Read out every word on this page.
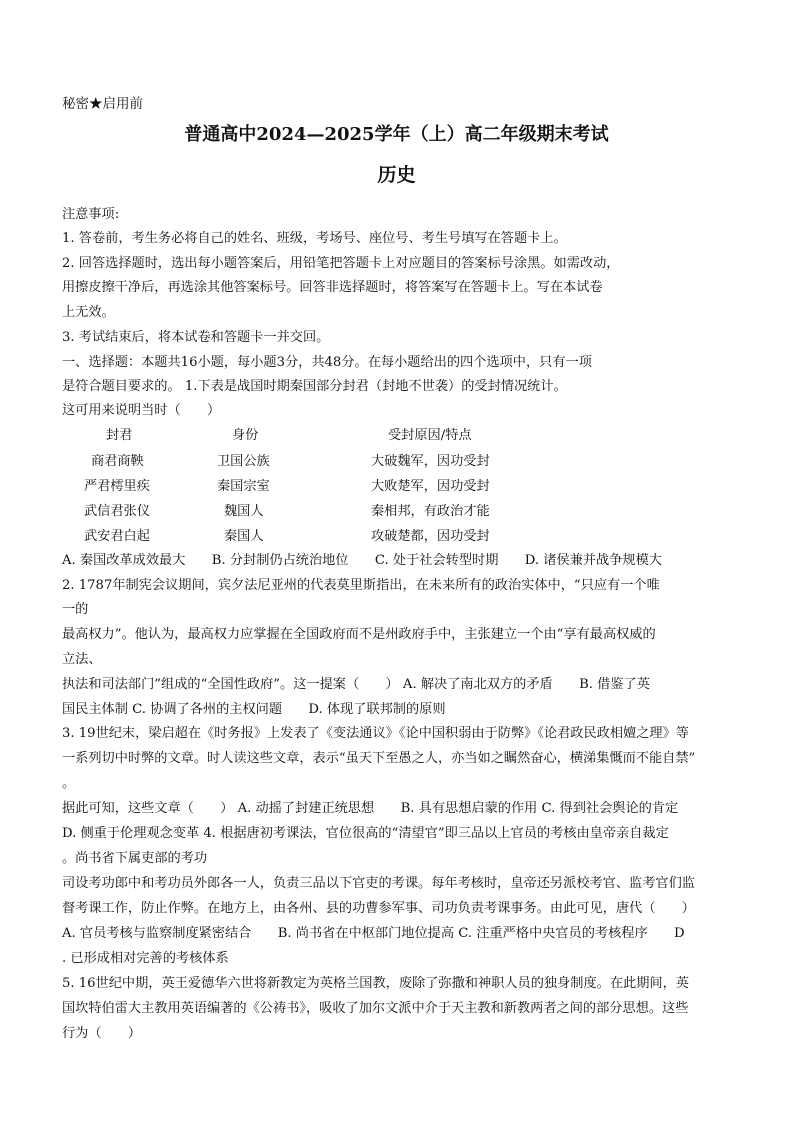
秘密★启用前
普通高中2024—2025学年（上）高二年级期末考试
历史
注意事项:
1. 答卷前，考生务必将自己的姓名、班级，考场号、座位号、考生号填写在答题卡上。
2. 回答选择题时，选出每小题答案后，用铅笔把答题卡上对应题目的答案标号涂黑。如需改动，
用擦皮擦干净后，再选涂其他答案标号。回答非选择题时，将答案写在答题卡上。写在本试卷
上无效。
3. 考试结束后，将本试卷和答题卡一并交回。
一、选择题：本题共16小题，每小题3分，共48分。在每小题给出的四个选项中，只有一项
是符合题目要求的。 1.下表是战国时期秦国部分封君（封地不世袭）的受封情况统计。
这可用来说明当时（　　）
封君	身份	受封原因/特点
商君商鞅	卫国公族	大破魏军，因功受封
严君樗里疾	秦国宗室	大败楚军，因功受封
武信君张仪	魏国人	秦相邦，有政治才能
武安君白起	秦国人	攻破楚都，因功受封
A. 秦国改革成效最大　　B. 分封制仍占统治地位　　C. 处于社会转型时期　　D. 诸侯兼并战争规模大
2. 1787年制宪会议期间，宾夕法尼亚州的代表莫里斯指出，在未来所有的政治实体中，“只应有一个唯
一的
最高权力”。他认为，最高权力应掌握在全国政府而不是州政府手中，主张建立一个由“享有最高权威的
立法、
执法和司法部门”组成的“全国性政府”。这一提案（　　） A. 解决了南北双方的矛盾　　B. 借鉴了英
国民主体制 C. 协调了各州的主权问题　　D. 体现了联邦制的原则
3. 19世纪末，梁启超在《时务报》上发表了《变法通议》《论中国积弱由于防弊》《论君政民政相嬗之理》等
一系列切中时弊的文章。时人读这些文章，表示“虽天下至愚之人，亦当如之瞩然奋心，横涕集慨而不能自禁”
。
据此可知，这些文章（　　） A. 动摇了封建正统思想　　B. 具有思想启蒙的作用 C. 得到社会舆论的肯定
D. 侧重于伦理观念变革 4. 根据唐初考课法，官位很高的“清望官”即三品以上官员的考核由皇帝亲自裁定
。尚书省下属吏部的考功
司设考功郎中和考功员外郎各一人，负责三品以下官吏的考课。每年考核时，皇帝还另派校考官、监考官们监
督考课工作，防止作弊。在地方上，由各州、县的功曹参军事、司功负责考课事务。由此可见，唐代（　　）
A. 官员考核与监察制度紧密结合　　B. 尚书省在中枢部门地位提高 C. 注重严格中央官员的考核程序　　D
. 已形成相对完善的考核体系
5. 16世纪中期，英王爱德华六世将新教定为英格兰国教，废除了弥撒和神职人员的独身制度。在此期间，英
国坎特伯雷大主教用英语编著的《公祷书》，吸收了加尔文派中介于天主教和新教两者之间的部分思想。这些
行为（　　）
